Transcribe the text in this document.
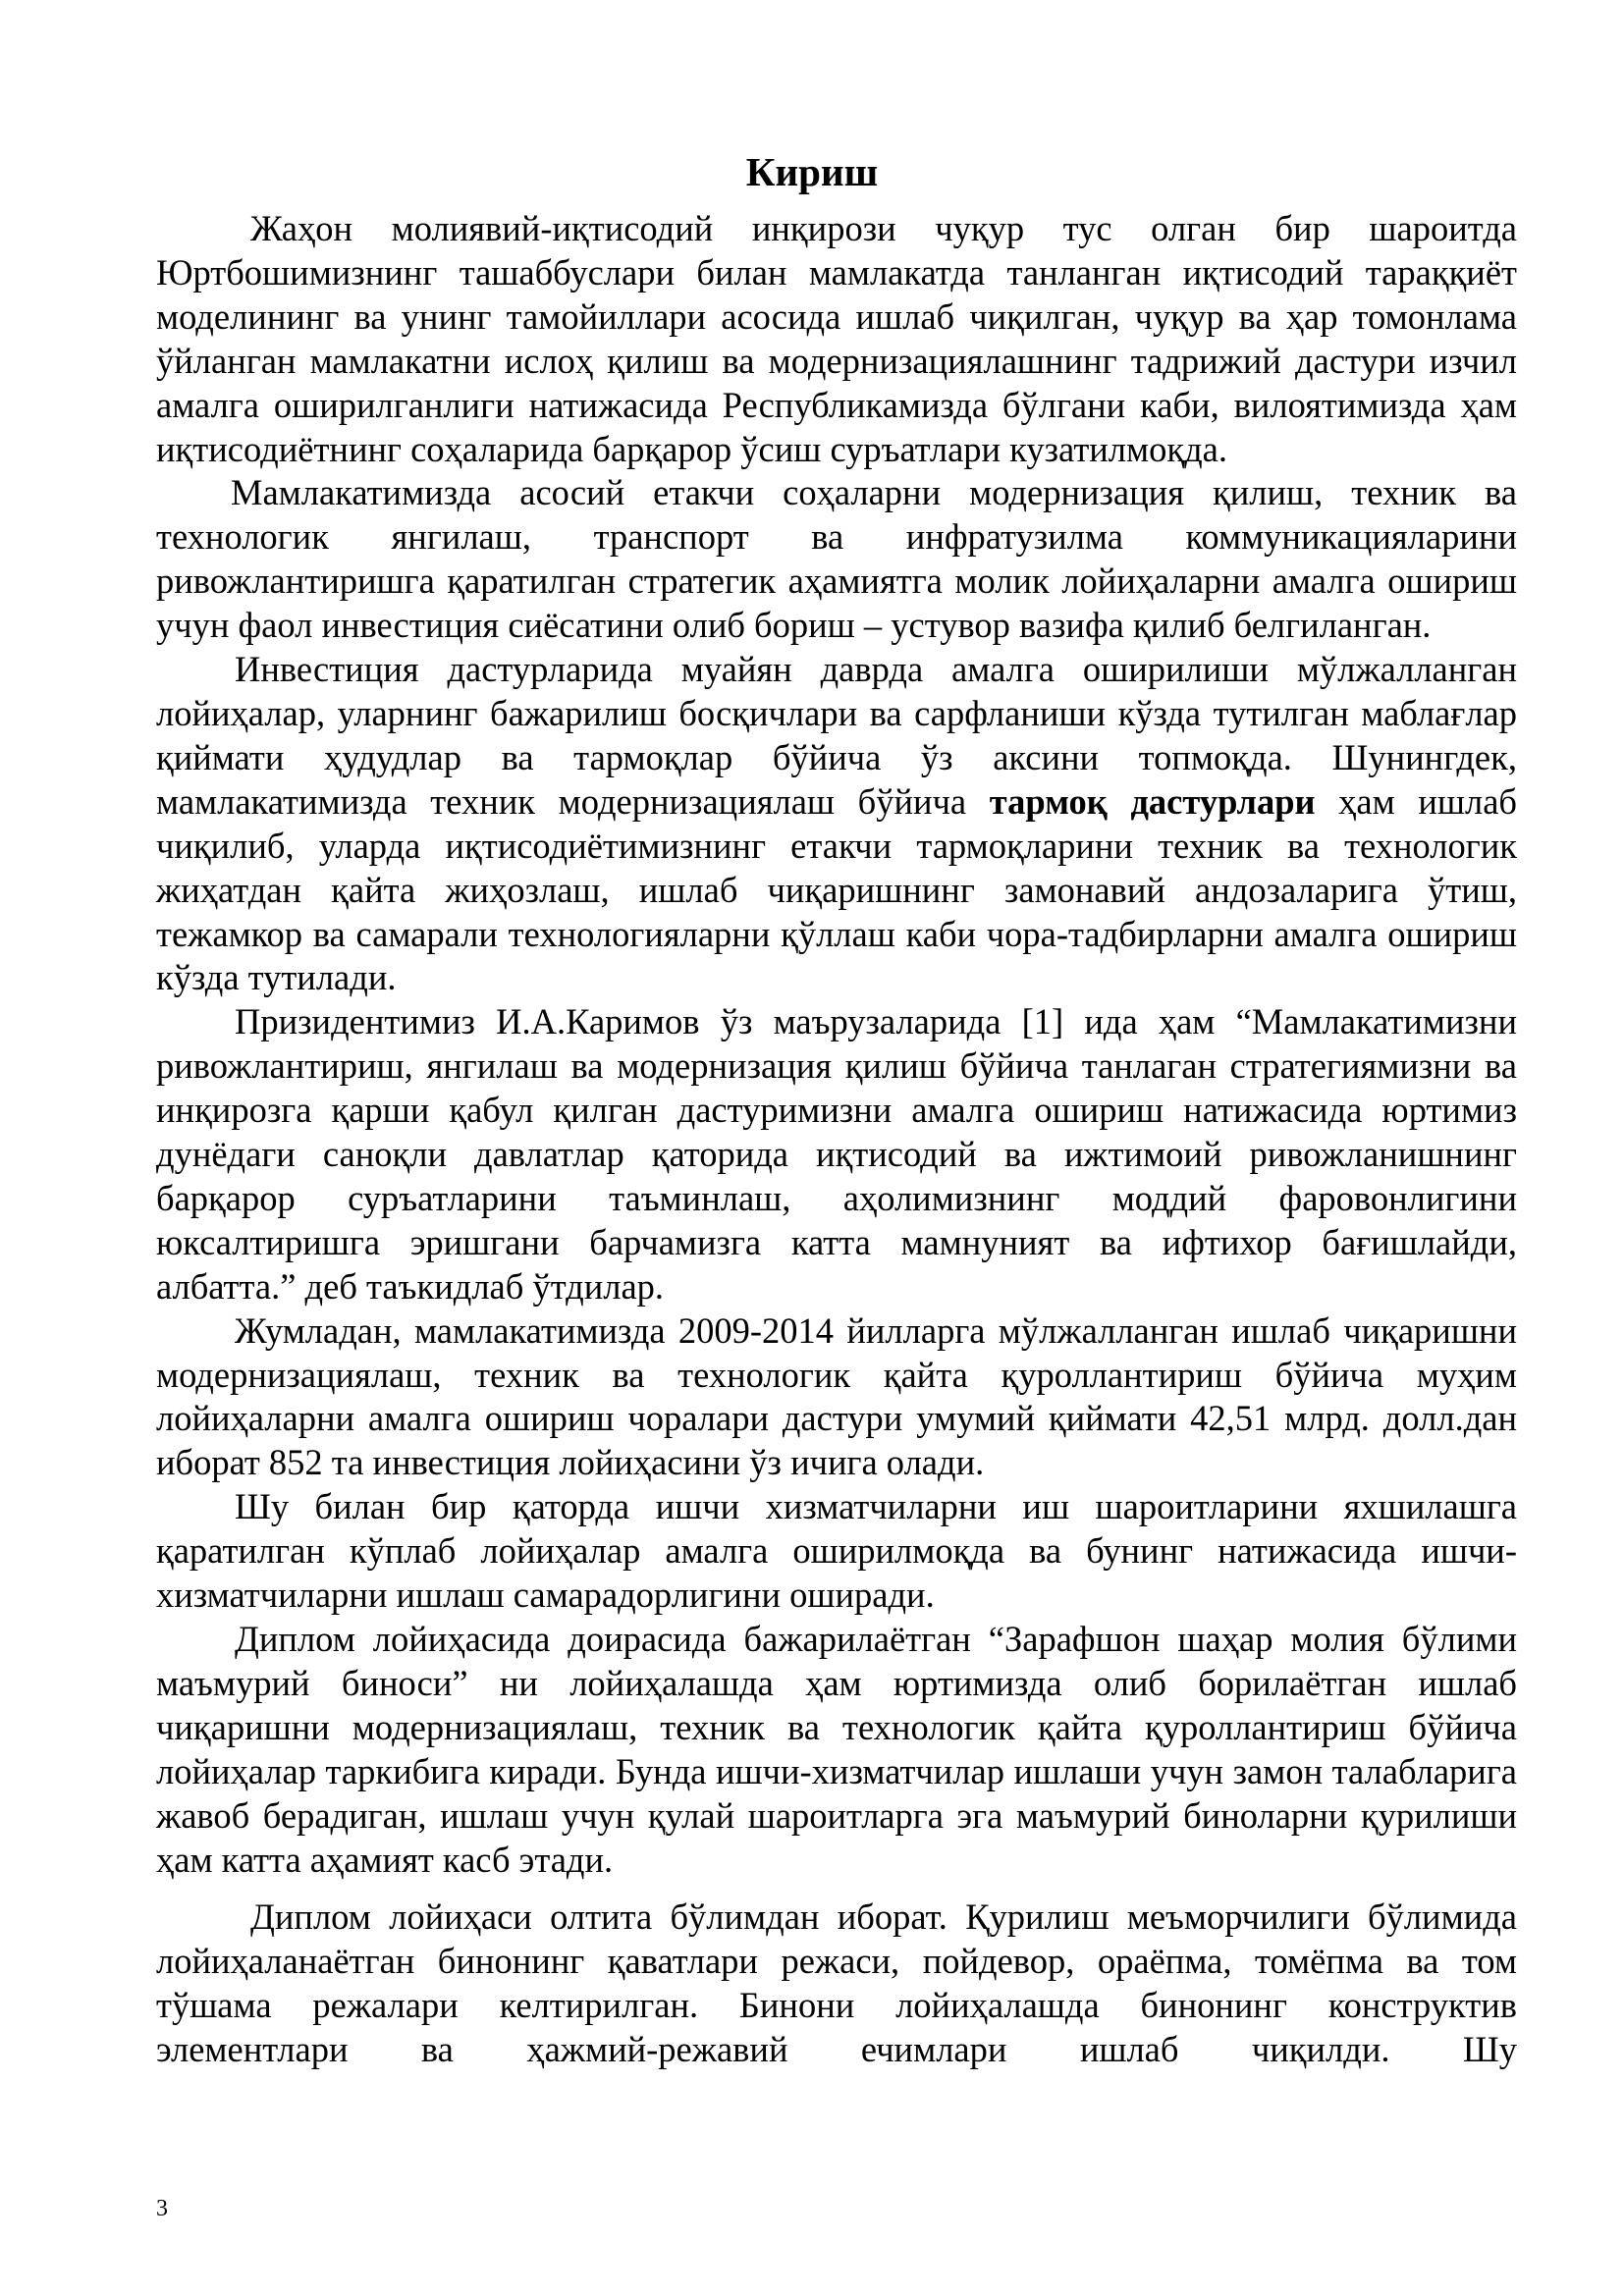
Кириш

Жаҳон молиявий-иқтисодий инқирози чуқур тус олган бир шароитда Юртбошимизнинг ташаббуслари билан мамлакатда танланган иқтисодий тараққиёт моделининг ва унинг тамойиллари асосида ишлаб чиқилган, чуқур ва ҳар томонлама ўйланган мамлакатни ислоҳ қилиш ва модернизациялашнинг тадрижий дастури изчил амалга оширилганлиги натижасида Республикамизда бўлгани каби, вилоятимизда ҳам иқтисодиётнинг соҳаларида барқарор ўсиш суръатлари кузатилмоқда.

Мамлакатимизда асосий етакчи соҳаларни модернизация қилиш, техник ва технологик янгилаш, транспорт ва инфратузилма коммуникацияларини ривожлантиришга қаратилган стратегик аҳамиятга молик лойиҳаларни амалга ошириш учун фаол инвестиция сиёсатини олиб бориш – устувор вазифа қилиб белгиланган.

Инвестиция дастурларида муайян даврда амалга оширилиши мўлжалланган лойиҳалар, уларнинг бажарилиш босқичлари ва сарфланиши кўзда тутилган маблағлар қиймати ҳудудлар ва тармоқлар бўйича ўз аксини топмоқда. Шунингдек, мамлакатимизда техник модернизациялаш бўйича тармоқ дастурлари ҳам ишлаб чиқилиб, уларда иқтисодиётимизнинг етакчи тармоқларини техник ва технологик жиҳатдан қайта жиҳозлаш, ишлаб чиқаришнинг замонавий андозаларига ўтиш, тежамкор ва самарали технологияларни қўллаш каби чора-тадбирларни амалга ошириш кўзда тутилади.

Призидентимиз И.А.Каримов ўз маърузаларида [1] ида ҳам “Мамлакатимизни ривожлантириш, янгилаш ва модернизация қилиш бўйича танлаган стратегиямизни ва инқирозга қарши қабул қилган дастуримизни амалга ошириш натижасида юртимиз дунёдаги саноқли давлатлар қаторида иқтисодий ва ижтимоий ривожланишнинг барқарор суръатларини таъминлаш, аҳолимизнинг моддий фаровонлигини юксалтиришга эришгани барчамизга катта мамнуният ва ифтихор бағишлайди, албатта.” деб таъкидлаб ўтдилар.

Жумладан, мамлакатимизда 2009-2014 йилларга мўлжалланган ишлаб чиқаришни модернизациялаш, техник ва технологик қайта қуроллантириш бўйича муҳим лойиҳаларни амалга ошириш чоралари дастури умумий қиймати 42,51 млрд. долл.дан иборат 852 та инвестиция лойиҳасини ўз ичига олади.

Шу билан бир қаторда ишчи хизматчиларни иш шароитларини яхшилашга қаратилган кўплаб лойиҳалар амалга оширилмоқда ва бунинг натижасида ишчи-хизматчиларни ишлаш самарадорлигини оширади.

Диплом лойиҳасида доирасида бажарилаётган “Зарафшон шаҳар молия бўлими маъмурий биноси” ни лойиҳалашда ҳам юртимизда олиб борилаётган ишлаб чиқаришни модернизациялаш, техник ва технологик қайта қуроллантириш бўйича лойиҳалар таркибига киради. Бунда ишчи-хизматчилар ишлаши учун замон талабларига жавоб берадиган, ишлаш учун қулай шароитларга эга маъмурий биноларни қурилиши ҳам катта аҳамият касб этади.

Диплом лойиҳаси олтита бўлимдан иборат. Қурилиш меъморчилиги бўлимида лойиҳаланаётган бинонинг қаватлари режаси, пойдевор, ораёпма, томёпма ва том тўшама режалари келтирилган. Бинони лойиҳалашда бинонинг конструктив элементлари ва ҳажмий-режавий ечимлари ишлаб чиқилди. Шу

3
